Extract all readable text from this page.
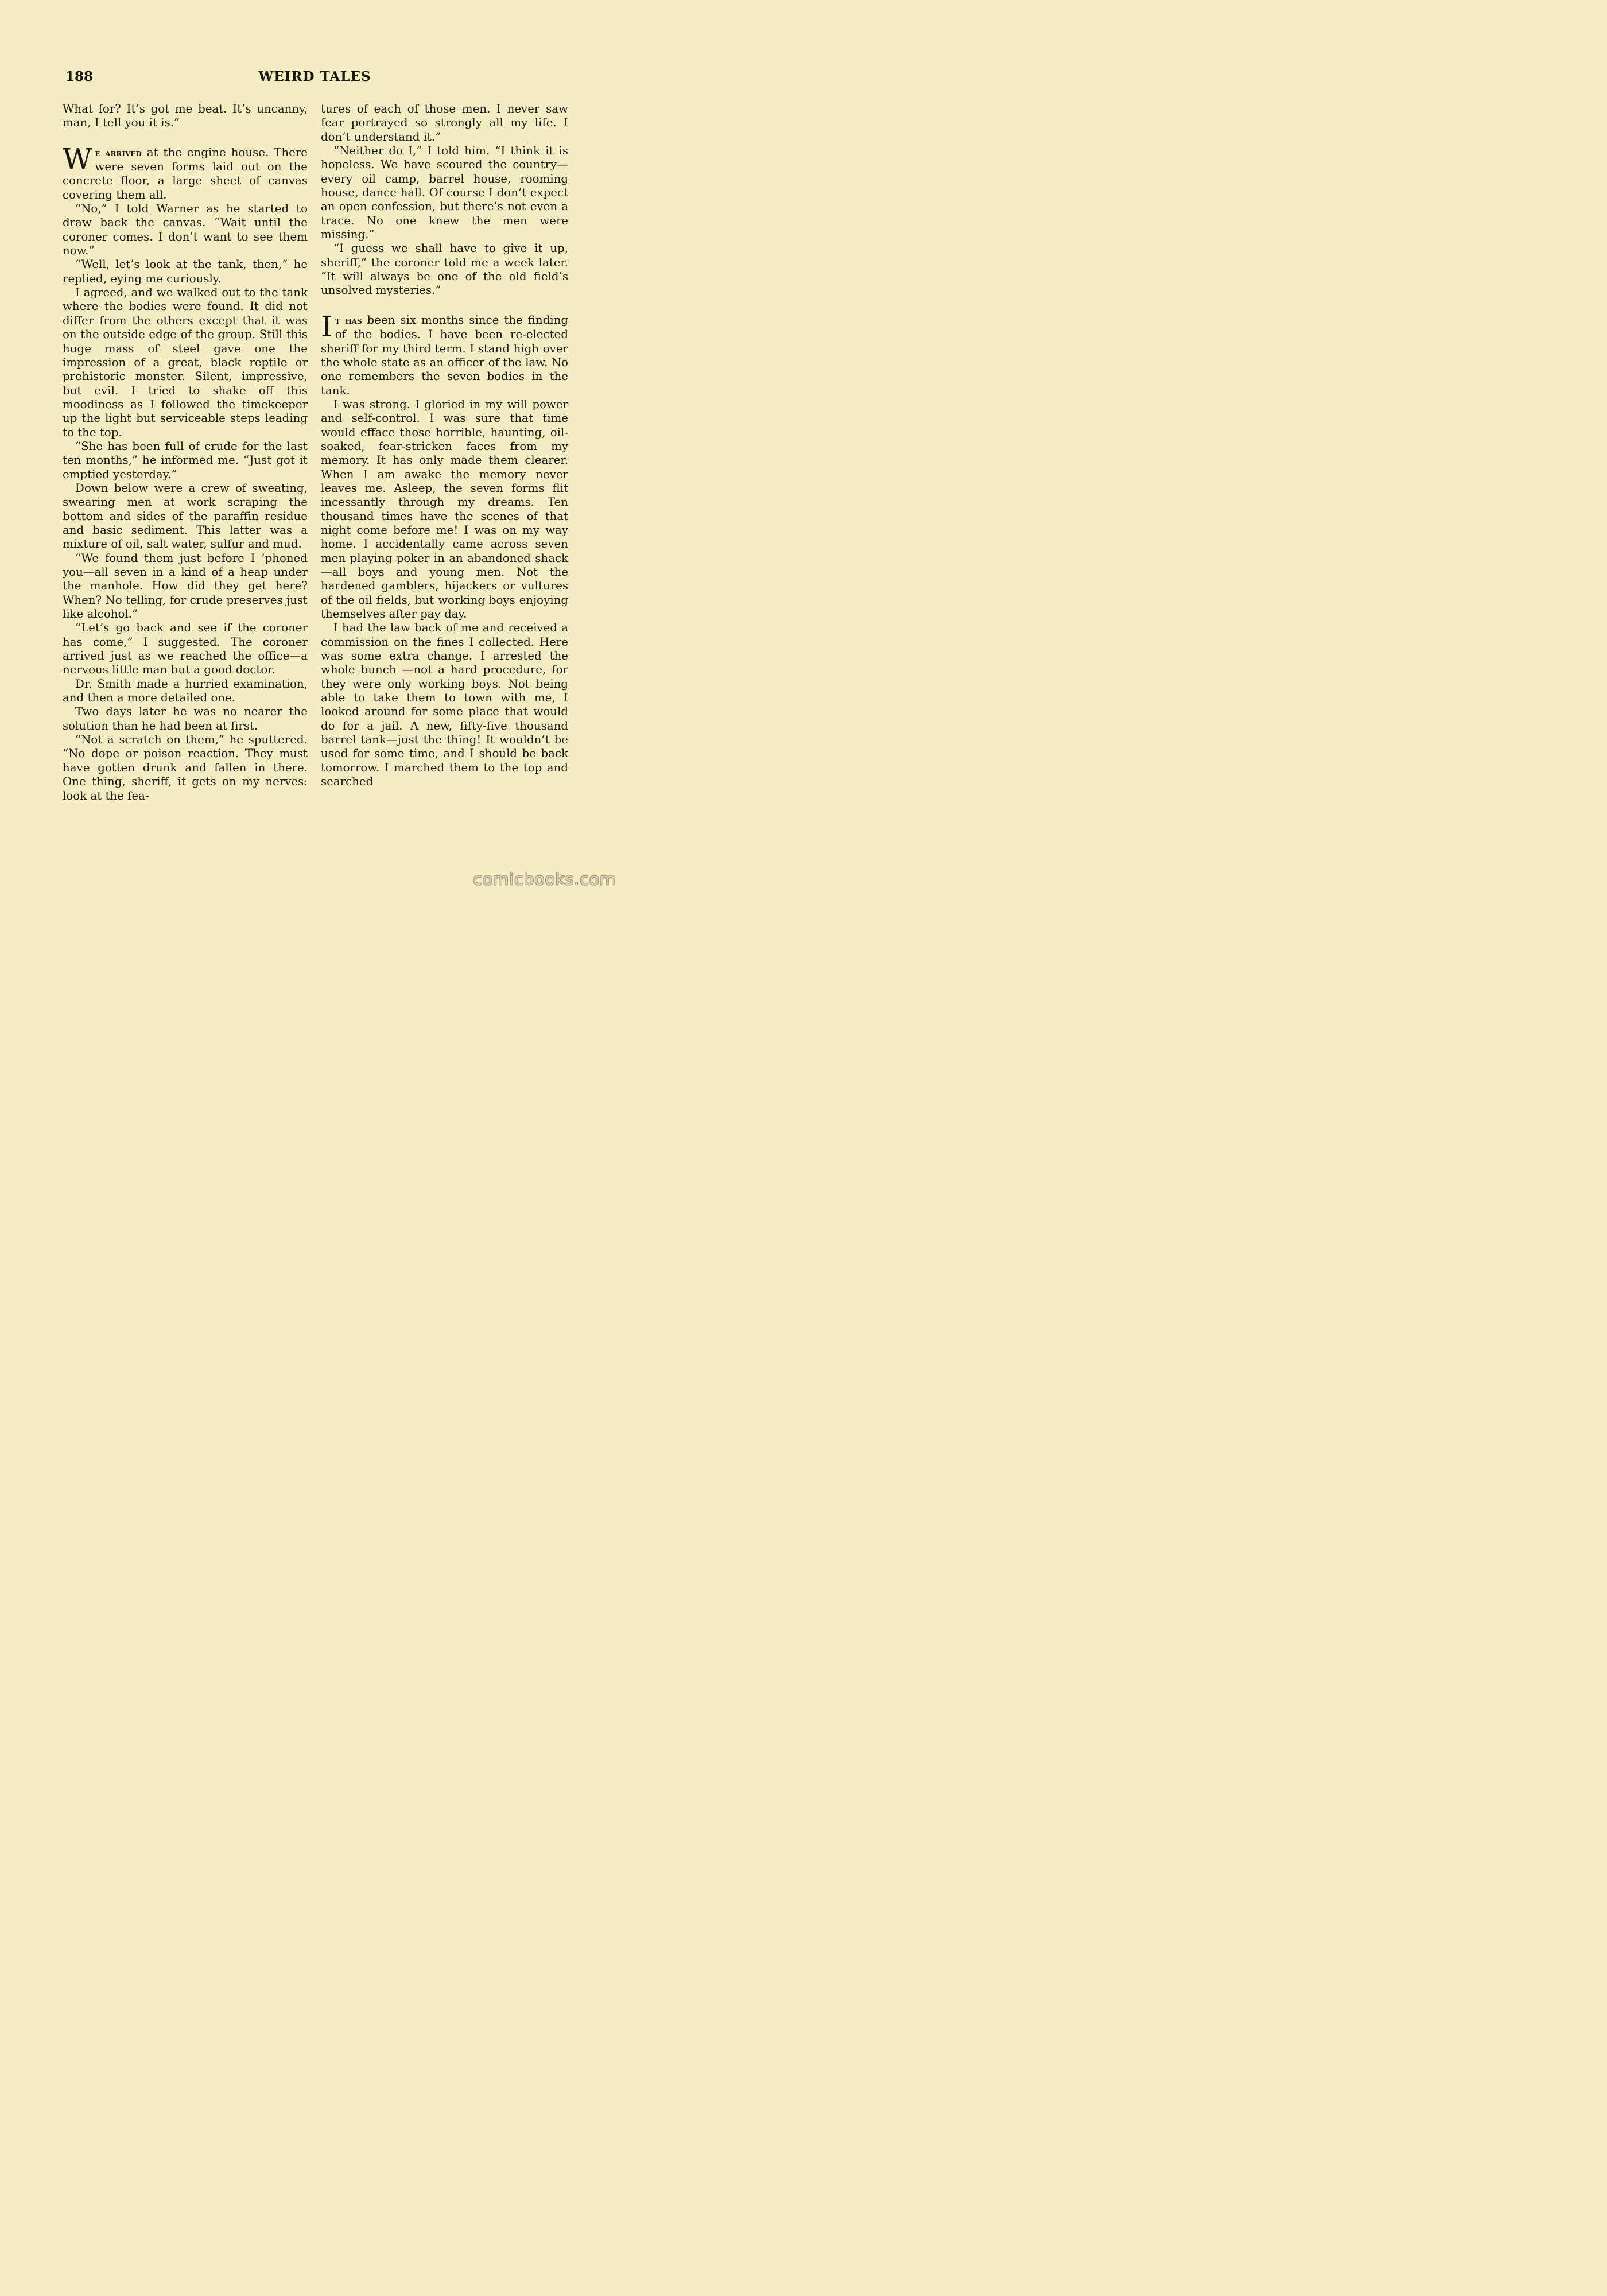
188	WEIRD TALES

What for? It’s got me beat. It’s uncanny, man, I tell you it is.”

We arrived at the engine house. There were seven forms laid out on the concrete floor, a large sheet of canvas covering them all.

“No,” I told Warner as he started to draw back the canvas. “Wait until the coroner comes. I don’t want to see them now.”

“Well, let’s look at the tank, then,” he replied, eying me curiously.

I agreed, and we walked out to the tank where the bodies were found. It did not differ from the others except that it was on the outside edge of the group. Still this huge mass of steel gave one the impression of a great, black reptile or prehistoric monster. Silent, impressive, but evil. I tried to shake off this moodiness as I followed the timekeeper up the light but serviceable steps leading to the top.

“She has been full of crude for the last ten months,” he informed me. “Just got it emptied yesterday.”

Down below were a crew of sweating, swearing men at work scraping the bottom and sides of the paraffin residue and basic sediment. This latter was a mixture of oil, salt water, sulfur and mud.

“We found them just before I ’phoned you—all seven in a kind of a heap under the manhole. How did they get here? When? No telling, for crude preserves just like alcohol.”

“Let’s go back and see if the coroner has come,” I suggested. The coroner arrived just as we reached the office—a nervous little man but a good doctor.

Dr. Smith made a hurried examination, and then a more detailed one.

Two days later he was no nearer the solution than he had been at first.

“Not a scratch on them,” he sputtered. “No dope or poison reaction. They must have gotten drunk and fallen in there. One thing, sheriff, it gets on my nerves: look at the fea-

tures of each of those men. I never saw fear portrayed so strongly all my life. I don’t understand it.”

“Neither do I,” I told him. “I think it is hopeless. We have scoured the country—every oil camp, barrel house, rooming house, dance hall. Of course I don’t expect an open confession, but there’s not even a trace. No one knew the men were missing.”

“I guess we shall have to give it up, sheriff,” the coroner told me a week later. “It will always be one of the old field’s unsolved mysteries.”

It has been six months since the finding of the bodies. I have been re-elected sheriff for my third term. I stand high over the whole state as an officer of the law. No one remembers the seven bodies in the tank.

I was strong. I gloried in my will power and self-control. I was sure that time would efface those horrible, haunting, oil-soaked, fear-stricken faces from my memory. It has only made them clearer. When I am awake the memory never leaves me. Asleep, the seven forms flit incessantly through my dreams. Ten thousand times have the scenes of that night come before me! I was on my way home. I accidentally came across seven men playing poker in an abandoned shack—all boys and young men. Not the hardened gamblers, hijackers or vultures of the oil fields, but working boys enjoying themselves after pay day.

I had the law back of me and received a commission on the fines I collected. Here was some extra change. I arrested the whole bunch —not a hard procedure, for they were only working boys. Not being able to take them to town with me, I looked around for some place that would do for a jail. A new, fifty-five thousand barrel tank—just the thing! It wouldn’t be used for some time, and I should be back tomorrow. I marched them to the top and searched

comicbooks.com
